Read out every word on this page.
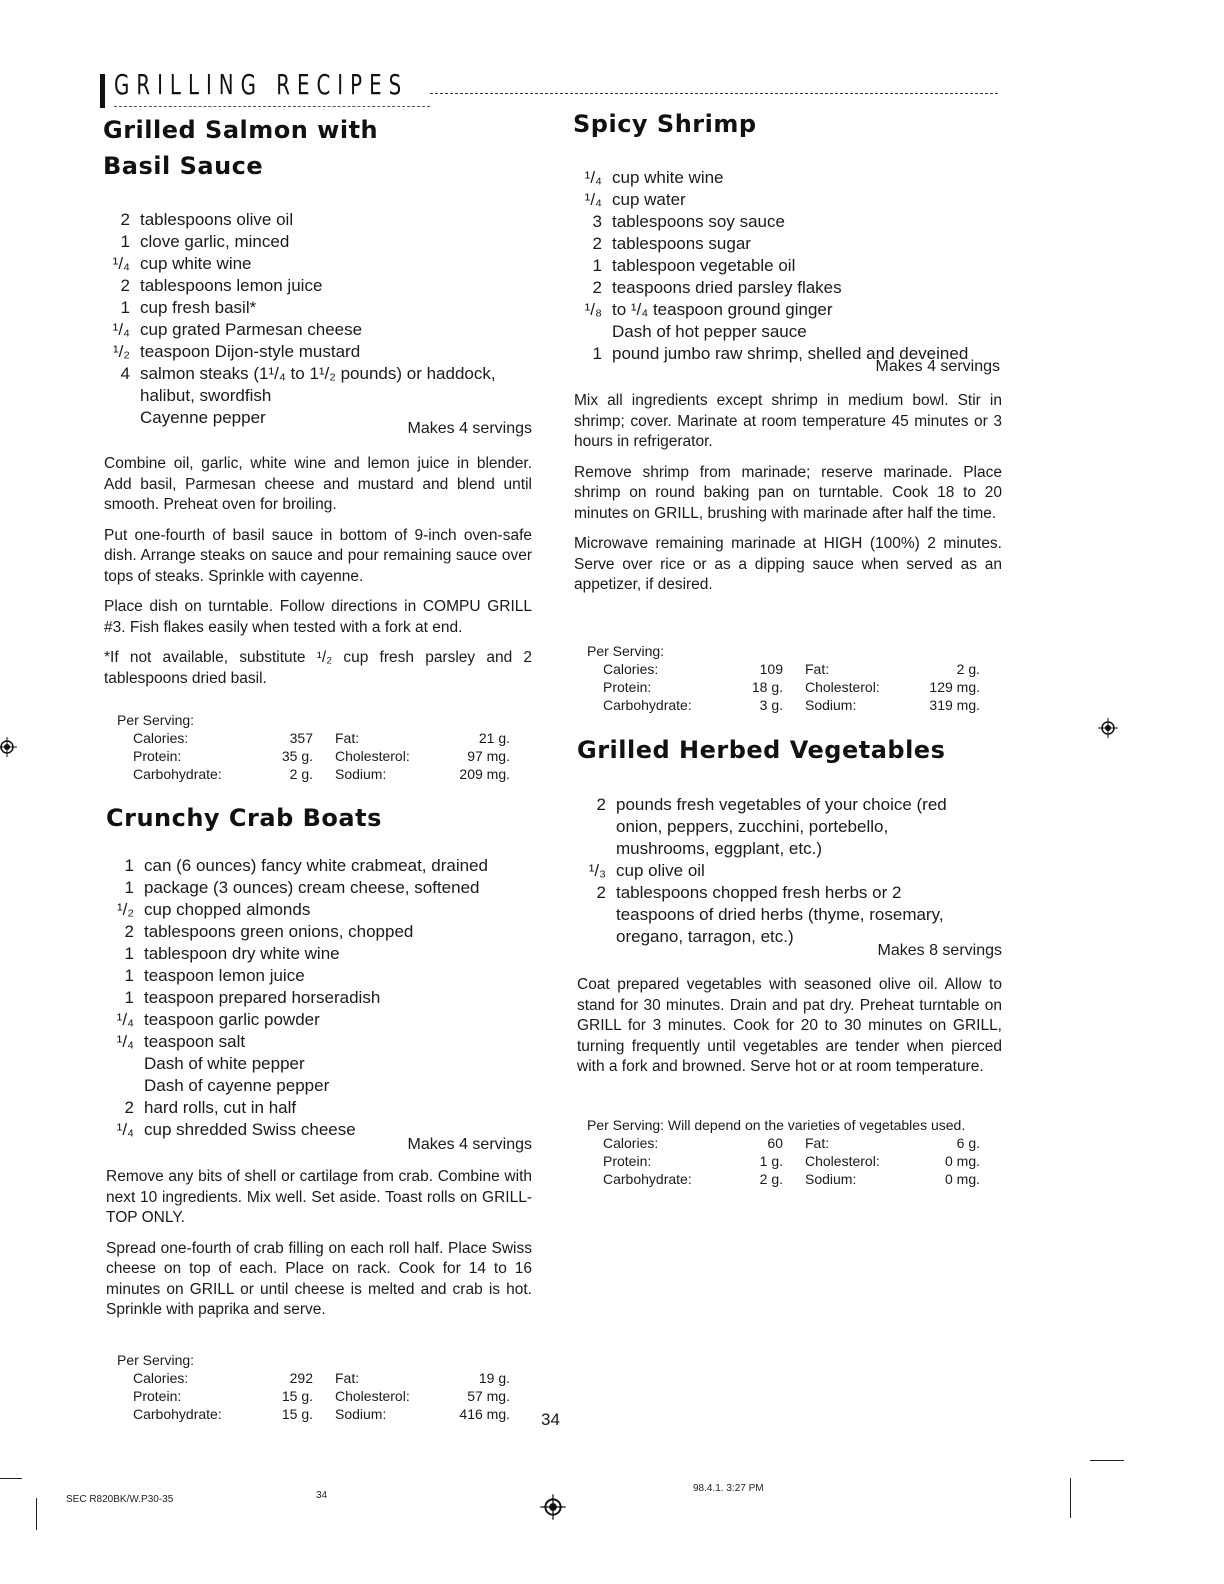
GRILLING RECIPES
Grilled Salmon with
Basil Sauce
2 tablespoons olive oil
1 clove garlic, minced
¹/₄ cup white wine
2 tablespoons lemon juice
1 cup fresh basil*
¹/₄ cup grated Parmesan cheese
¹/₂ teaspoon Dijon-style mustard
4 salmon steaks (1¹/₄ to 1¹/₂ pounds) or haddock,
halibut, swordfish
Cayenne pepper
Makes 4 servings

Combine oil, garlic, white wine and lemon juice in blender. Add basil, Parmesan cheese and mustard and blend until smooth. Preheat oven for broiling.

Put one-fourth of basil sauce in bottom of 9-inch oven-safe dish. Arrange steaks on sauce and pour remaining sauce over tops of steaks. Sprinkle with cayenne.

Place dish on turntable. Follow directions in COMPU GRILL #3. Fish flakes easily when tested with a fork at end.

*If not available, substitute ¹/₂ cup fresh parsley and 2 tablespoons dried basil.

Per Serving:
Calories:	357	Fat:	21 g.
Protein:	35 g.	Cholesterol:	97 mg.
Carbohydrate:	2 g.	Sodium:	209 mg.
Crunchy Crab Boats
1 can (6 ounces) fancy white crabmeat, drained
1 package (3 ounces) cream cheese, softened
¹/₂ cup chopped almonds
2 tablespoons green onions, chopped
1 tablespoon dry white wine
1 teaspoon lemon juice
1 teaspoon prepared horseradish
¹/₄ teaspoon garlic powder
¹/₄ teaspoon salt
Dash of white pepper
Dash of cayenne pepper
2 hard rolls, cut in half
¹/₄ cup shredded Swiss cheese
Makes 4 servings

Remove any bits of shell or cartilage from crab. Combine with next 10 ingredients. Mix well. Set aside. Toast rolls on GRILL-TOP ONLY.

Spread one-fourth of crab filling on each roll half. Place Swiss cheese on top of each. Place on rack. Cook for 14 to 16 minutes on GRILL or until cheese is melted and crab is hot. Sprinkle with paprika and serve.

Per Serving:
Calories:	292	Fat:	19 g.
Protein:	15 g.	Cholesterol:	57 mg.
Carbohydrate:	15 g.	Sodium:	416 mg.
Spicy Shrimp
¹/₄ cup white wine
¹/₄ cup water
3 tablespoons soy sauce
2 tablespoons sugar
1 tablespoon vegetable oil
2 teaspoons dried parsley flakes
¹/₈ to ¹/₄ teaspoon ground ginger
Dash of hot pepper sauce
1 pound jumbo raw shrimp, shelled and deveined
Makes 4 servings

Mix all ingredients except shrimp in medium bowl. Stir in shrimp; cover. Marinate at room temperature 45 minutes or 3 hours in refrigerator.

Remove shrimp from marinade; reserve marinade. Place shrimp on round baking pan on turntable. Cook 18 to 20 minutes on GRILL, brushing with marinade after half the time.

Microwave remaining marinade at HIGH (100%) 2 minutes. Serve over rice or as a dipping sauce when served as an appetizer, if desired.

Per Serving:
Calories:	109	Fat:	2 g.
Protein:	18 g.	Cholesterol:	129 mg.
Carbohydrate:	3 g.	Sodium:	319 mg.
Grilled Herbed Vegetables
2 pounds fresh vegetables of your choice (red
onion, peppers, zucchini, portebello,
mushrooms, eggplant, etc.)
¹/₃ cup olive oil
2 tablespoons chopped fresh herbs or 2
teaspoons of dried herbs (thyme, rosemary,
oregano, tarragon, etc.)
Makes 8 servings

Coat prepared vegetables with seasoned olive oil. Allow to stand for 30 minutes. Drain and pat dry. Preheat turntable on GRILL for 3 minutes. Cook for 20 to 30 minutes on GRILL, turning frequently until vegetables are tender when pierced with a fork and browned. Serve hot or at room temperature.

Per Serving: Will depend on the varieties of vegetables used.
Calories:	60	Fat:	6 g.
Protein:	1 g.	Cholesterol:	0 mg.
Carbohydrate:	2 g.	Sodium:	0 mg.
34
SEC R820BK/W.P30-35	34
98.4.1. 3:27 PM
